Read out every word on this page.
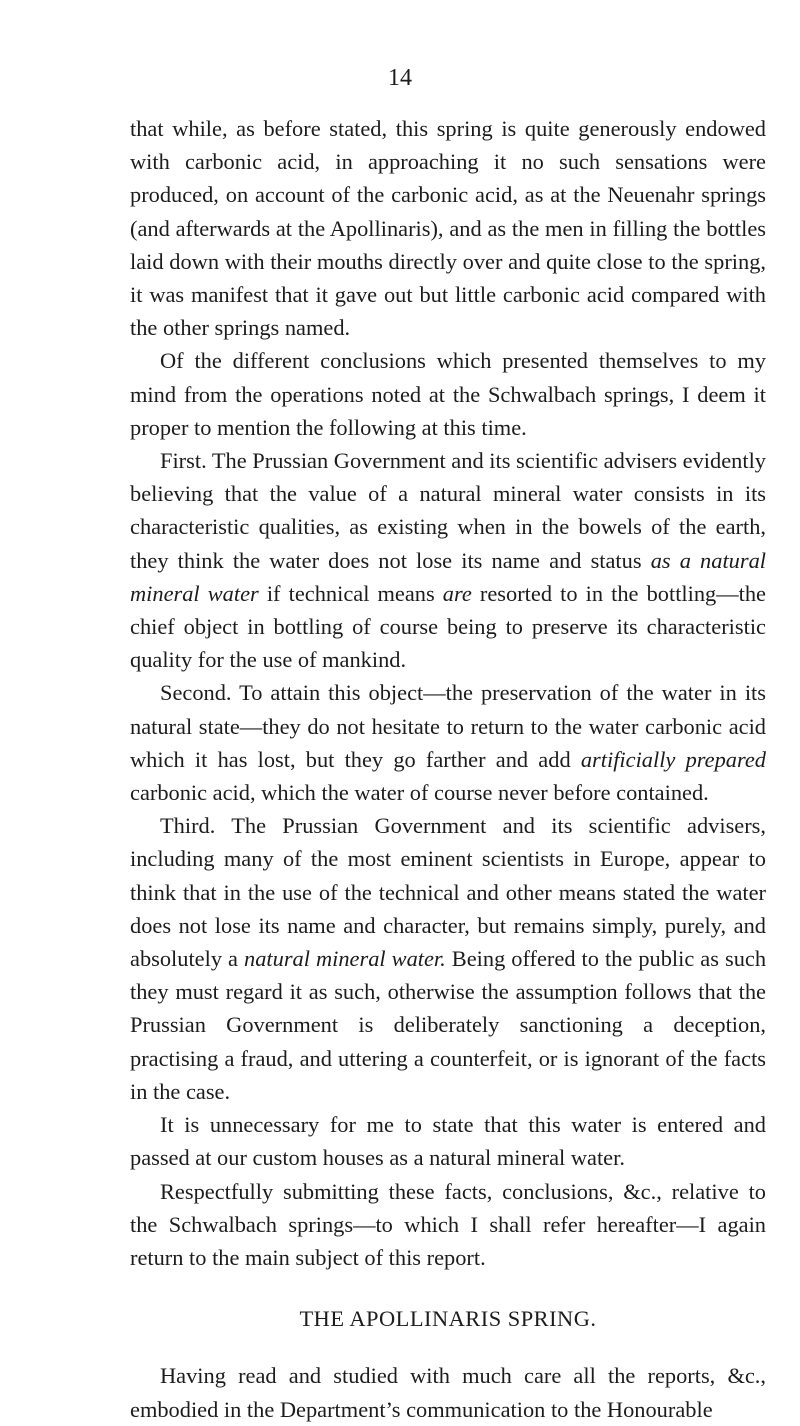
14

that while, as before stated, this spring is quite generously endowed with carbonic acid, in approaching it no such sensations were produced, on account of the carbonic acid, as at the Neuenahr springs (and afterwards at the Apollinaris), and as the men in filling the bottles laid down with their mouths directly over and quite close to the spring, it was manifest that it gave out but little carbonic acid compared with the other springs named.

Of the different conclusions which presented themselves to my mind from the operations noted at the Schwalbach springs, I deem it proper to mention the following at this time.

First. The Prussian Government and its scientific advisers evidently believing that the value of a natural mineral water consists in its characteristic qualities, as existing when in the bowels of the earth, they think the water does not lose its name and status as a natural mineral water if technical means are resorted to in the bottling—the chief object in bottling of course being to preserve its characteristic quality for the use of mankind.

Second. To attain this object—the preservation of the water in its natural state—they do not hesitate to return to the water carbonic acid which it has lost, but they go farther and add artificially prepared carbonic acid, which the water of course never before contained.

Third. The Prussian Government and its scientific advisers, including many of the most eminent scientists in Europe, appear to think that in the use of the technical and other means stated the water does not lose its name and character, but remains simply, purely, and absolutely a natural mineral water. Being offered to the public as such they must regard it as such, otherwise the assumption follows that the Prussian Government is deliberately sanctioning a deception, practising a fraud, and uttering a counterfeit, or is ignorant of the facts in the case.

It is unnecessary for me to state that this water is entered and passed at our custom houses as a natural mineral water.

Respectfully submitting these facts, conclusions, &c., relative to the Schwalbach springs—to which I shall refer hereafter—I again return to the main subject of this report.

THE APOLLINARIS SPRING.

Having read and studied with much care all the reports, &c., embodied in the Department’s communication to the Honourable
